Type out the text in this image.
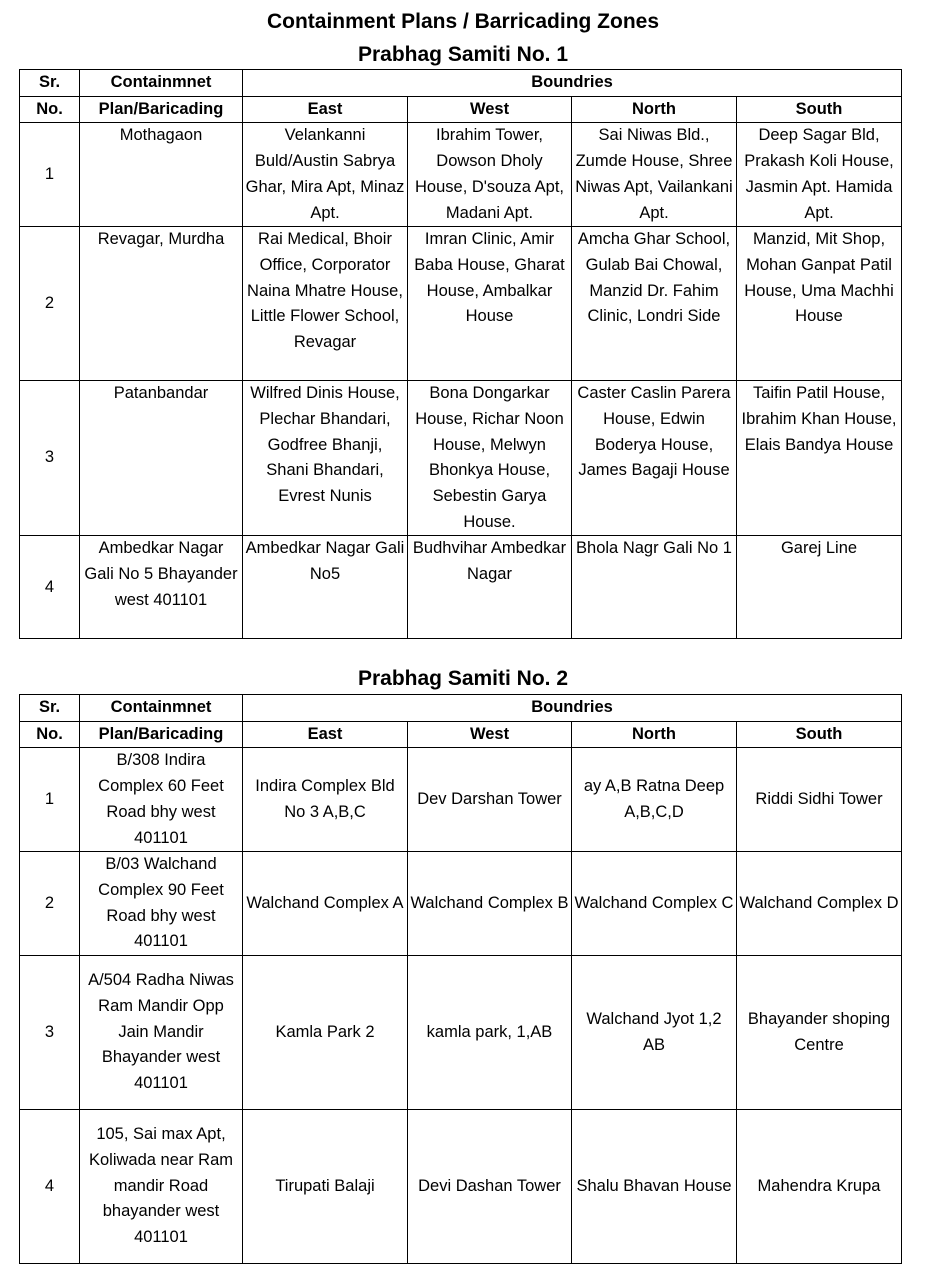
Containment Plans / Barricading Zones
Prabhag Samiti No. 1
Sr.	Containmnet	Boundries			
No.	Plan/Baricading	East	West	North	South
1	Mothagaon	Velankanni Buld/Austin Sabrya Ghar, Mira Apt, Minaz Apt.	Ibrahim Tower, Dowson Dholy House, D'souza Apt, Madani Apt.	Sai Niwas Bld., Zumde House, Shree Niwas Apt, Vailankani Apt.	Deep Sagar Bld, Prakash Koli House, Jasmin Apt. Hamida Apt.
2	Revagar, Murdha	Rai Medical, Bhoir Office, Corporator Naina Mhatre House, Little Flower School, Revagar	Imran Clinic, Amir Baba House, Gharat House, Ambalkar House	Amcha Ghar School, Gulab Bai Chowal, Manzid Dr. Fahim Clinic, Londri Side	Manzid, Mit Shop, Mohan Ganpat Patil House, Uma Machhi House
3	Patanbandar	Wilfred Dinis House, Plechar Bhandari, Godfree Bhanji, Shani Bhandari, Evrest Nunis	Bona Dongarkar House, Richar Noon House, Melwyn Bhonkya House, Sebestin Garya House.	Caster Caslin Parera House, Edwin Boderya House, James Bagaji House	Taifin Patil House, Ibrahim Khan House, Elais Bandya House
4	Ambedkar Nagar Gali No 5 Bhayander west 401101	Ambedkar Nagar Gali No5	Budhvihar Ambedkar Nagar	Bhola Nagr Gali No 1	Garej Line
Prabhag Samiti No. 2
Sr.	Containmnet	Boundries			
No.	Plan/Baricading	East	West	North	South
1	B/308 Indira Complex 60 Feet Road bhy west 401101	Indira Complex Bld No 3 A,B,C	Dev Darshan Tower	ay A,B Ratna Deep A,B,C,D	Riddi Sidhi Tower
2	B/03 Walchand Complex 90 Feet Road bhy west 401101	Walchand Complex A	Walchand Complex B	Walchand Complex C	Walchand Complex D
3	A/504 Radha Niwas Ram Mandir Opp Jain Mandir Bhayander west 401101	Kamla Park 2	kamla park, 1,AB	Walchand Jyot 1,2 AB	Bhayander shoping Centre
4	105, Sai max Apt, Koliwada near Ram mandir Road bhayander west 401101	Tirupati Balaji	Devi Dashan Tower	Shalu Bhavan House	Mahendra Krupa
